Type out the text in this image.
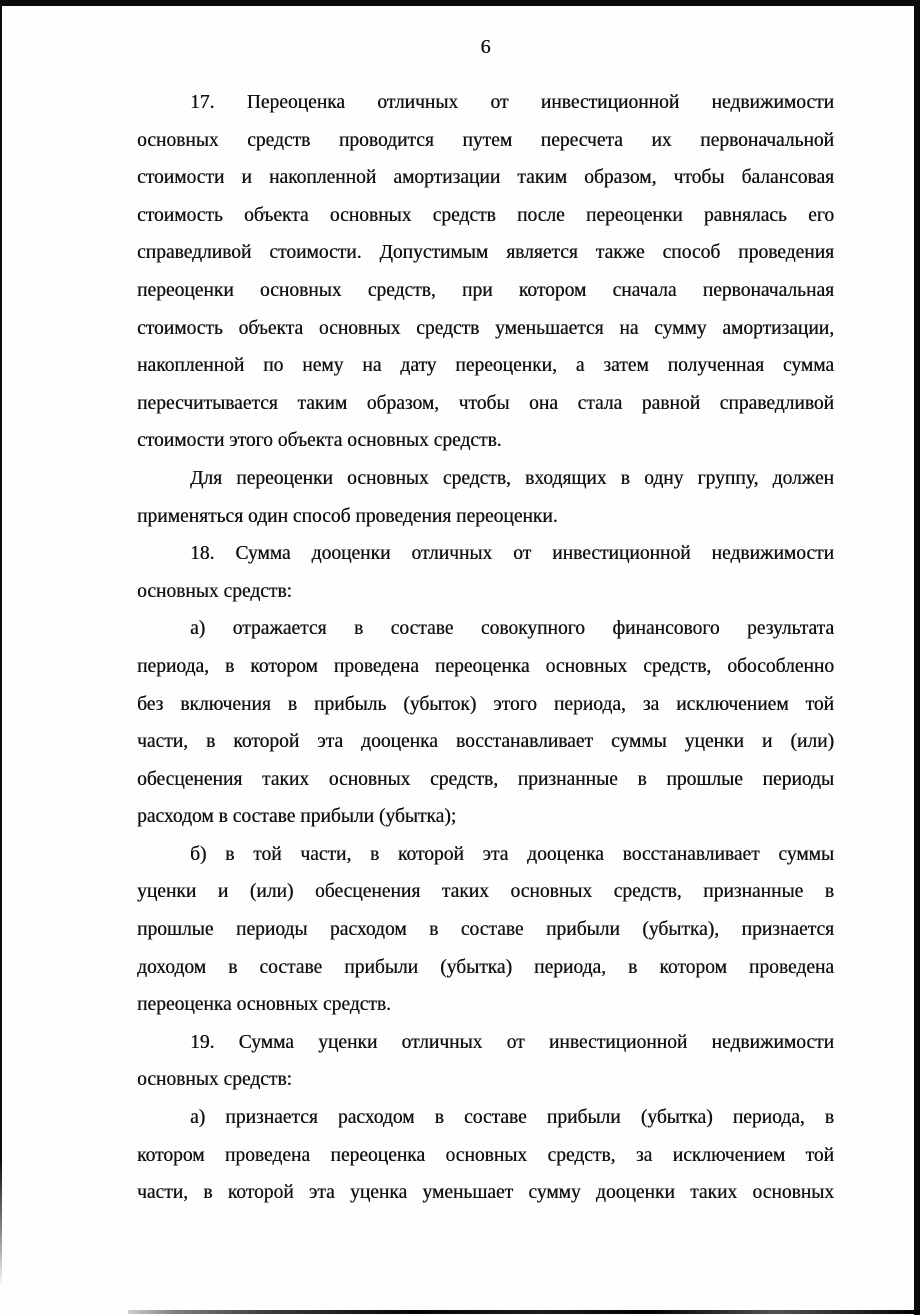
6
17. Переоценка отличных от инвестиционной недвижимости
основных средств проводится путем пересчета их первоначальной
стоимости и накопленной амортизации таким образом, чтобы балансовая
стоимость объекта основных средств после переоценки равнялась его
справедливой стоимости. Допустимым является также способ проведения
переоценки основных средств, при котором сначала первоначальная
стоимость объекта основных средств уменьшается на сумму амортизации,
накопленной по нему на дату переоценки, а затем полученная сумма
пересчитывается таким образом, чтобы она стала равной справедливой
стоимости этого объекта основных средств.
Для переоценки основных средств, входящих в одну группу, должен
применяться один способ проведения переоценки.
18. Сумма дооценки отличных от инвестиционной недвижимости
основных средств:
а) отражается в составе совокупного финансового результата
периода, в котором проведена переоценка основных средств, обособленно
без включения в прибыль (убыток) этого периода, за исключением той
части, в которой эта дооценка восстанавливает суммы уценки и (или)
обесценения таких основных средств, признанные в прошлые периоды
расходом в составе прибыли (убытка);
б) в той части, в которой эта дооценка восстанавливает суммы
уценки и (или) обесценения таких основных средств, признанные в
прошлые периоды расходом в составе прибыли (убытка), признается
доходом в составе прибыли (убытка) периода, в котором проведена
переоценка основных средств.
19. Сумма уценки отличных от инвестиционной недвижимости
основных средств:
а) признается расходом в составе прибыли (убытка) периода, в
котором проведена переоценка основных средств, за исключением той
части, в которой эта уценка уменьшает сумму дооценки таких основных
